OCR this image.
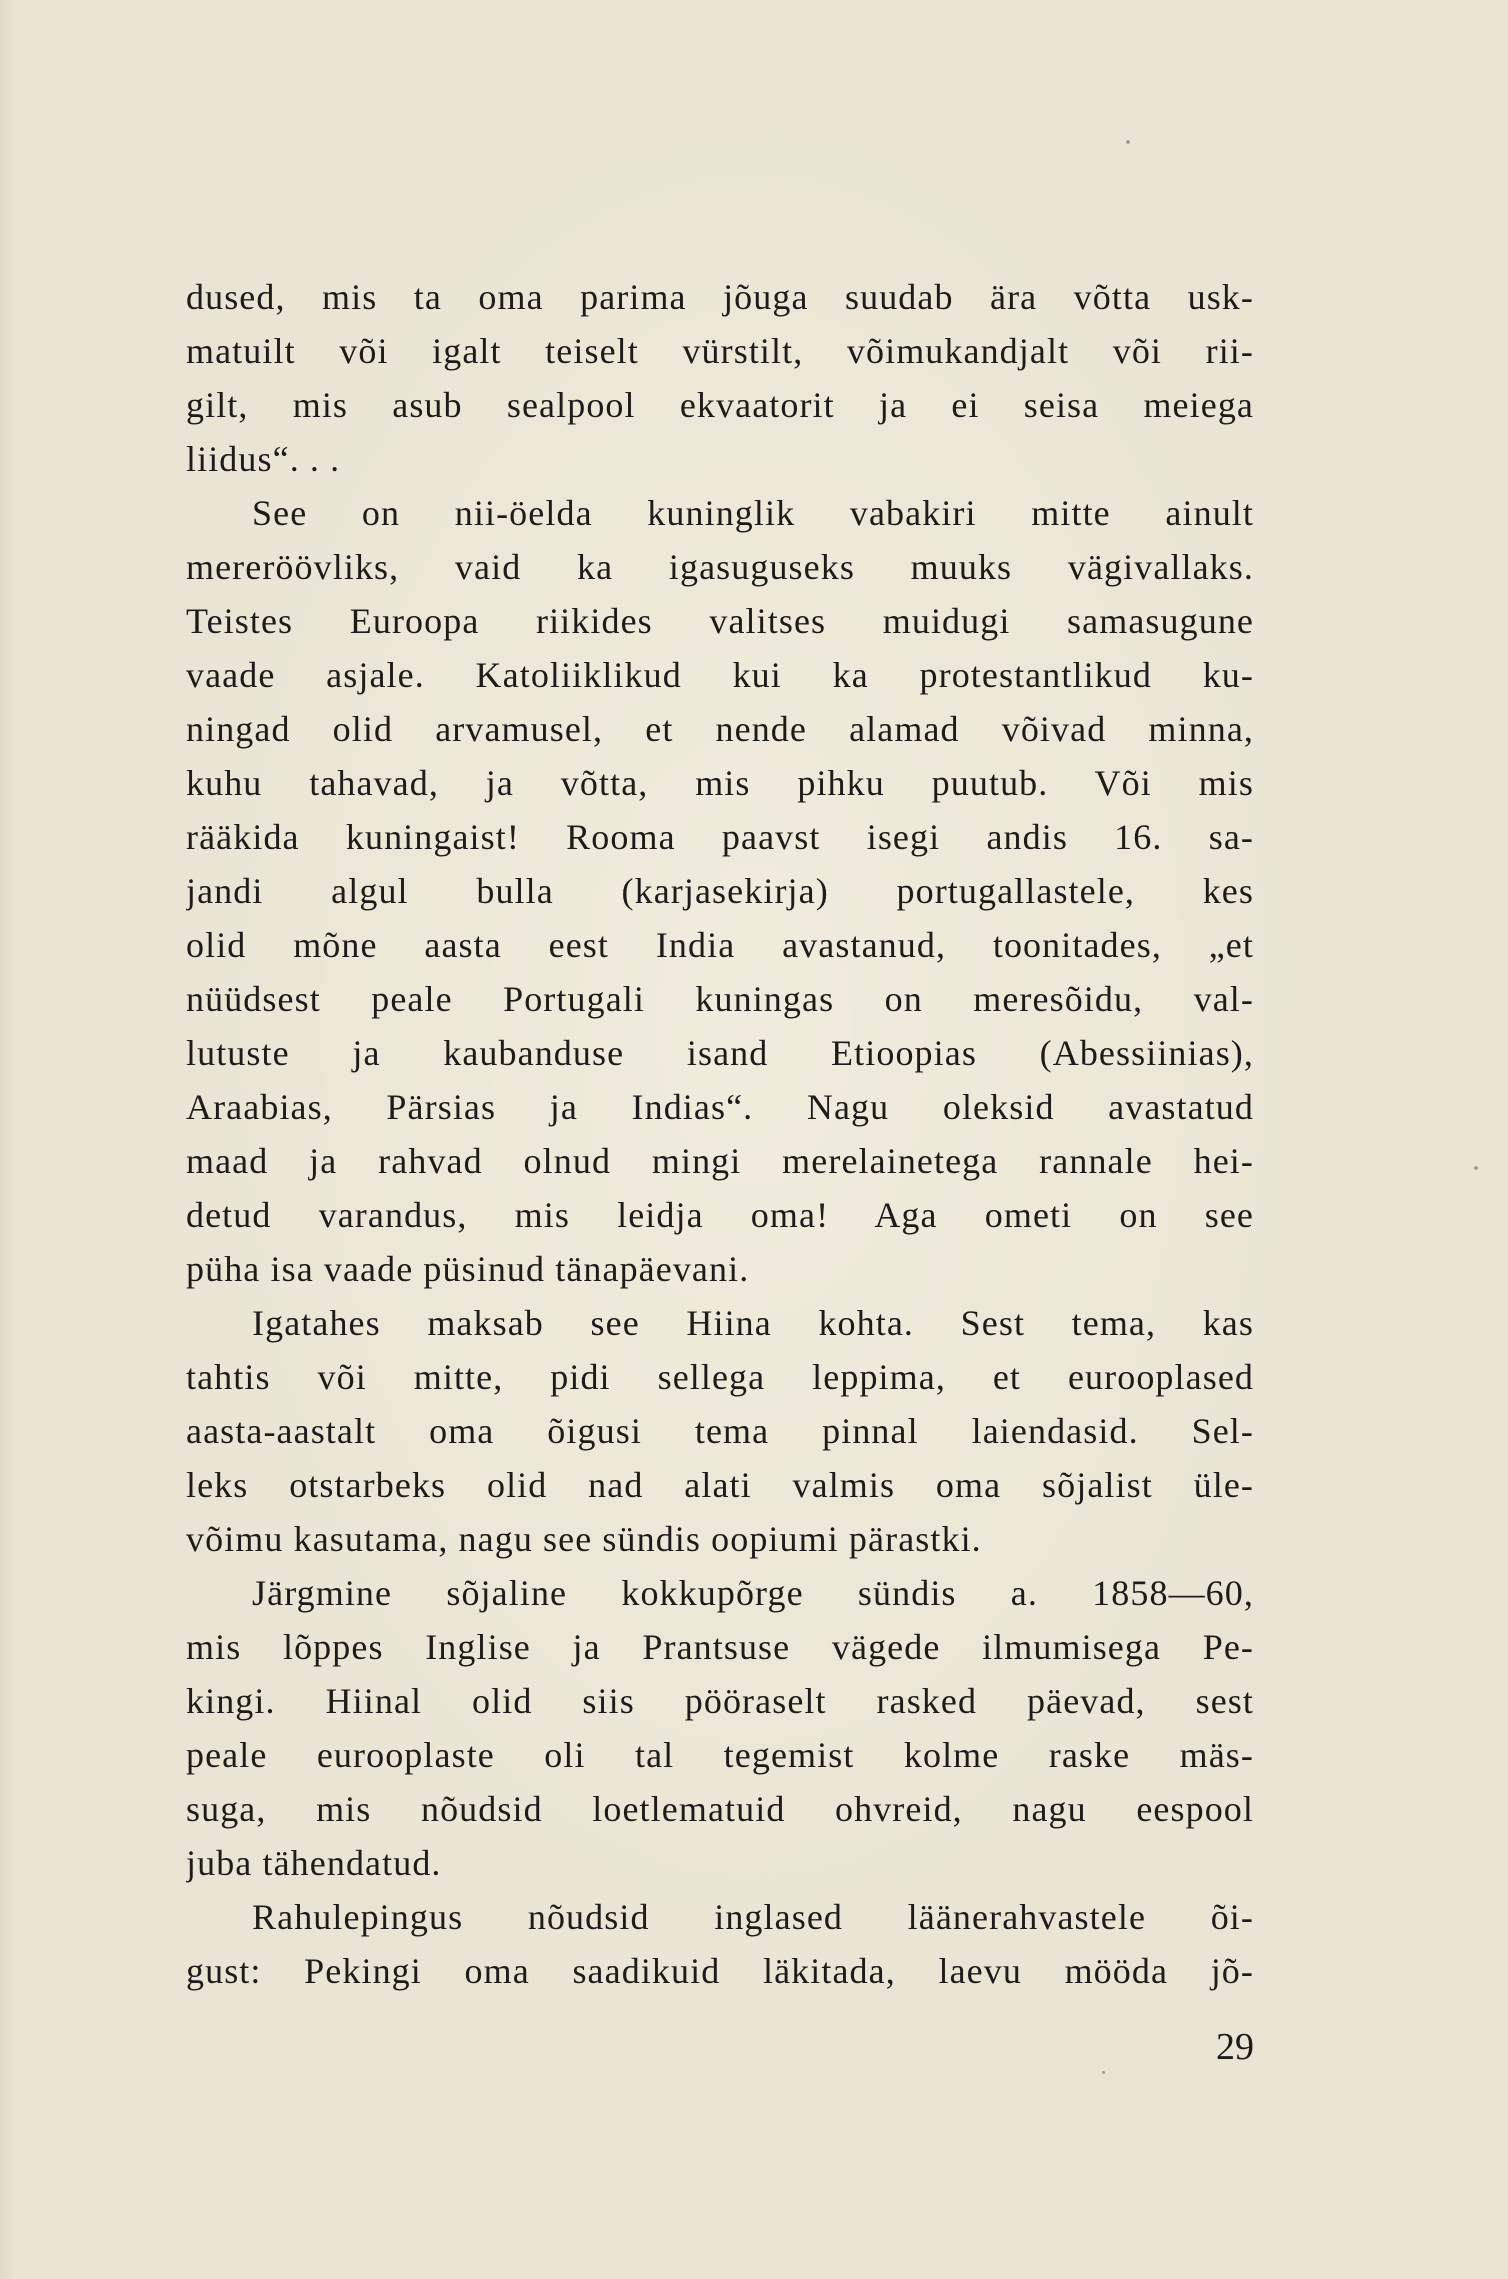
dused, mis ta oma parima jõuga suudab ära võtta usk-
matuilt või igalt teiselt vürstilt, võimukandjalt või rii-
gilt, mis asub sealpool ekvaatorit ja ei seisa meiega
liidus“. . .
See on nii-öelda kuninglik vabakiri mitte ainult
mereröövliks, vaid ka igasuguseks muuks vägivallaks.
Teistes Euroopa riikides valitses muidugi samasugune
vaade asjale. Katoliiklikud kui ka protestantlikud ku-
ningad olid arvamusel, et nende alamad võivad minna,
kuhu tahavad, ja võtta, mis pihku puutub. Või mis
rääkida kuningaist! Rooma paavst isegi andis 16. sa-
jandi algul bulla (karjasekirja) portugallastele, kes
olid mõne aasta eest India avastanud, toonitades, „et
nüüdsest peale Portugali kuningas on meresõidu, val-
lutuste ja kaubanduse isand Etioopias (Abessiinias),
Araabias, Pärsias ja Indias“. Nagu oleksid avastatud
maad ja rahvad olnud mingi merelainetega rannale hei-
detud varandus, mis leidja oma! Aga ometi on see
püha isa vaade püsinud tänapäevani.
Igatahes maksab see Hiina kohta. Sest tema, kas
tahtis või mitte, pidi sellega leppima, et eurooplased
aasta-aastalt oma õigusi tema pinnal laiendasid. Sel-
leks otstarbeks olid nad alati valmis oma sõjalist üle-
võimu kasutama, nagu see sündis oopiumi pärastki.
Järgmine sõjaline kokkupõrge sündis a. 1858—60,
mis lõppes Inglise ja Prantsuse vägede ilmumisega Pe-
kingi. Hiinal olid siis pööraselt rasked päevad, sest
peale eurooplaste oli tal tegemist kolme raske mäs-
suga, mis nõudsid loetlematuid ohvreid, nagu eespool
juba tähendatud.
Rahulepingus nõudsid inglased läänerahvastele õi-
gust: Pekingi oma saadikuid läkitada, laevu mööda jõ-
29
